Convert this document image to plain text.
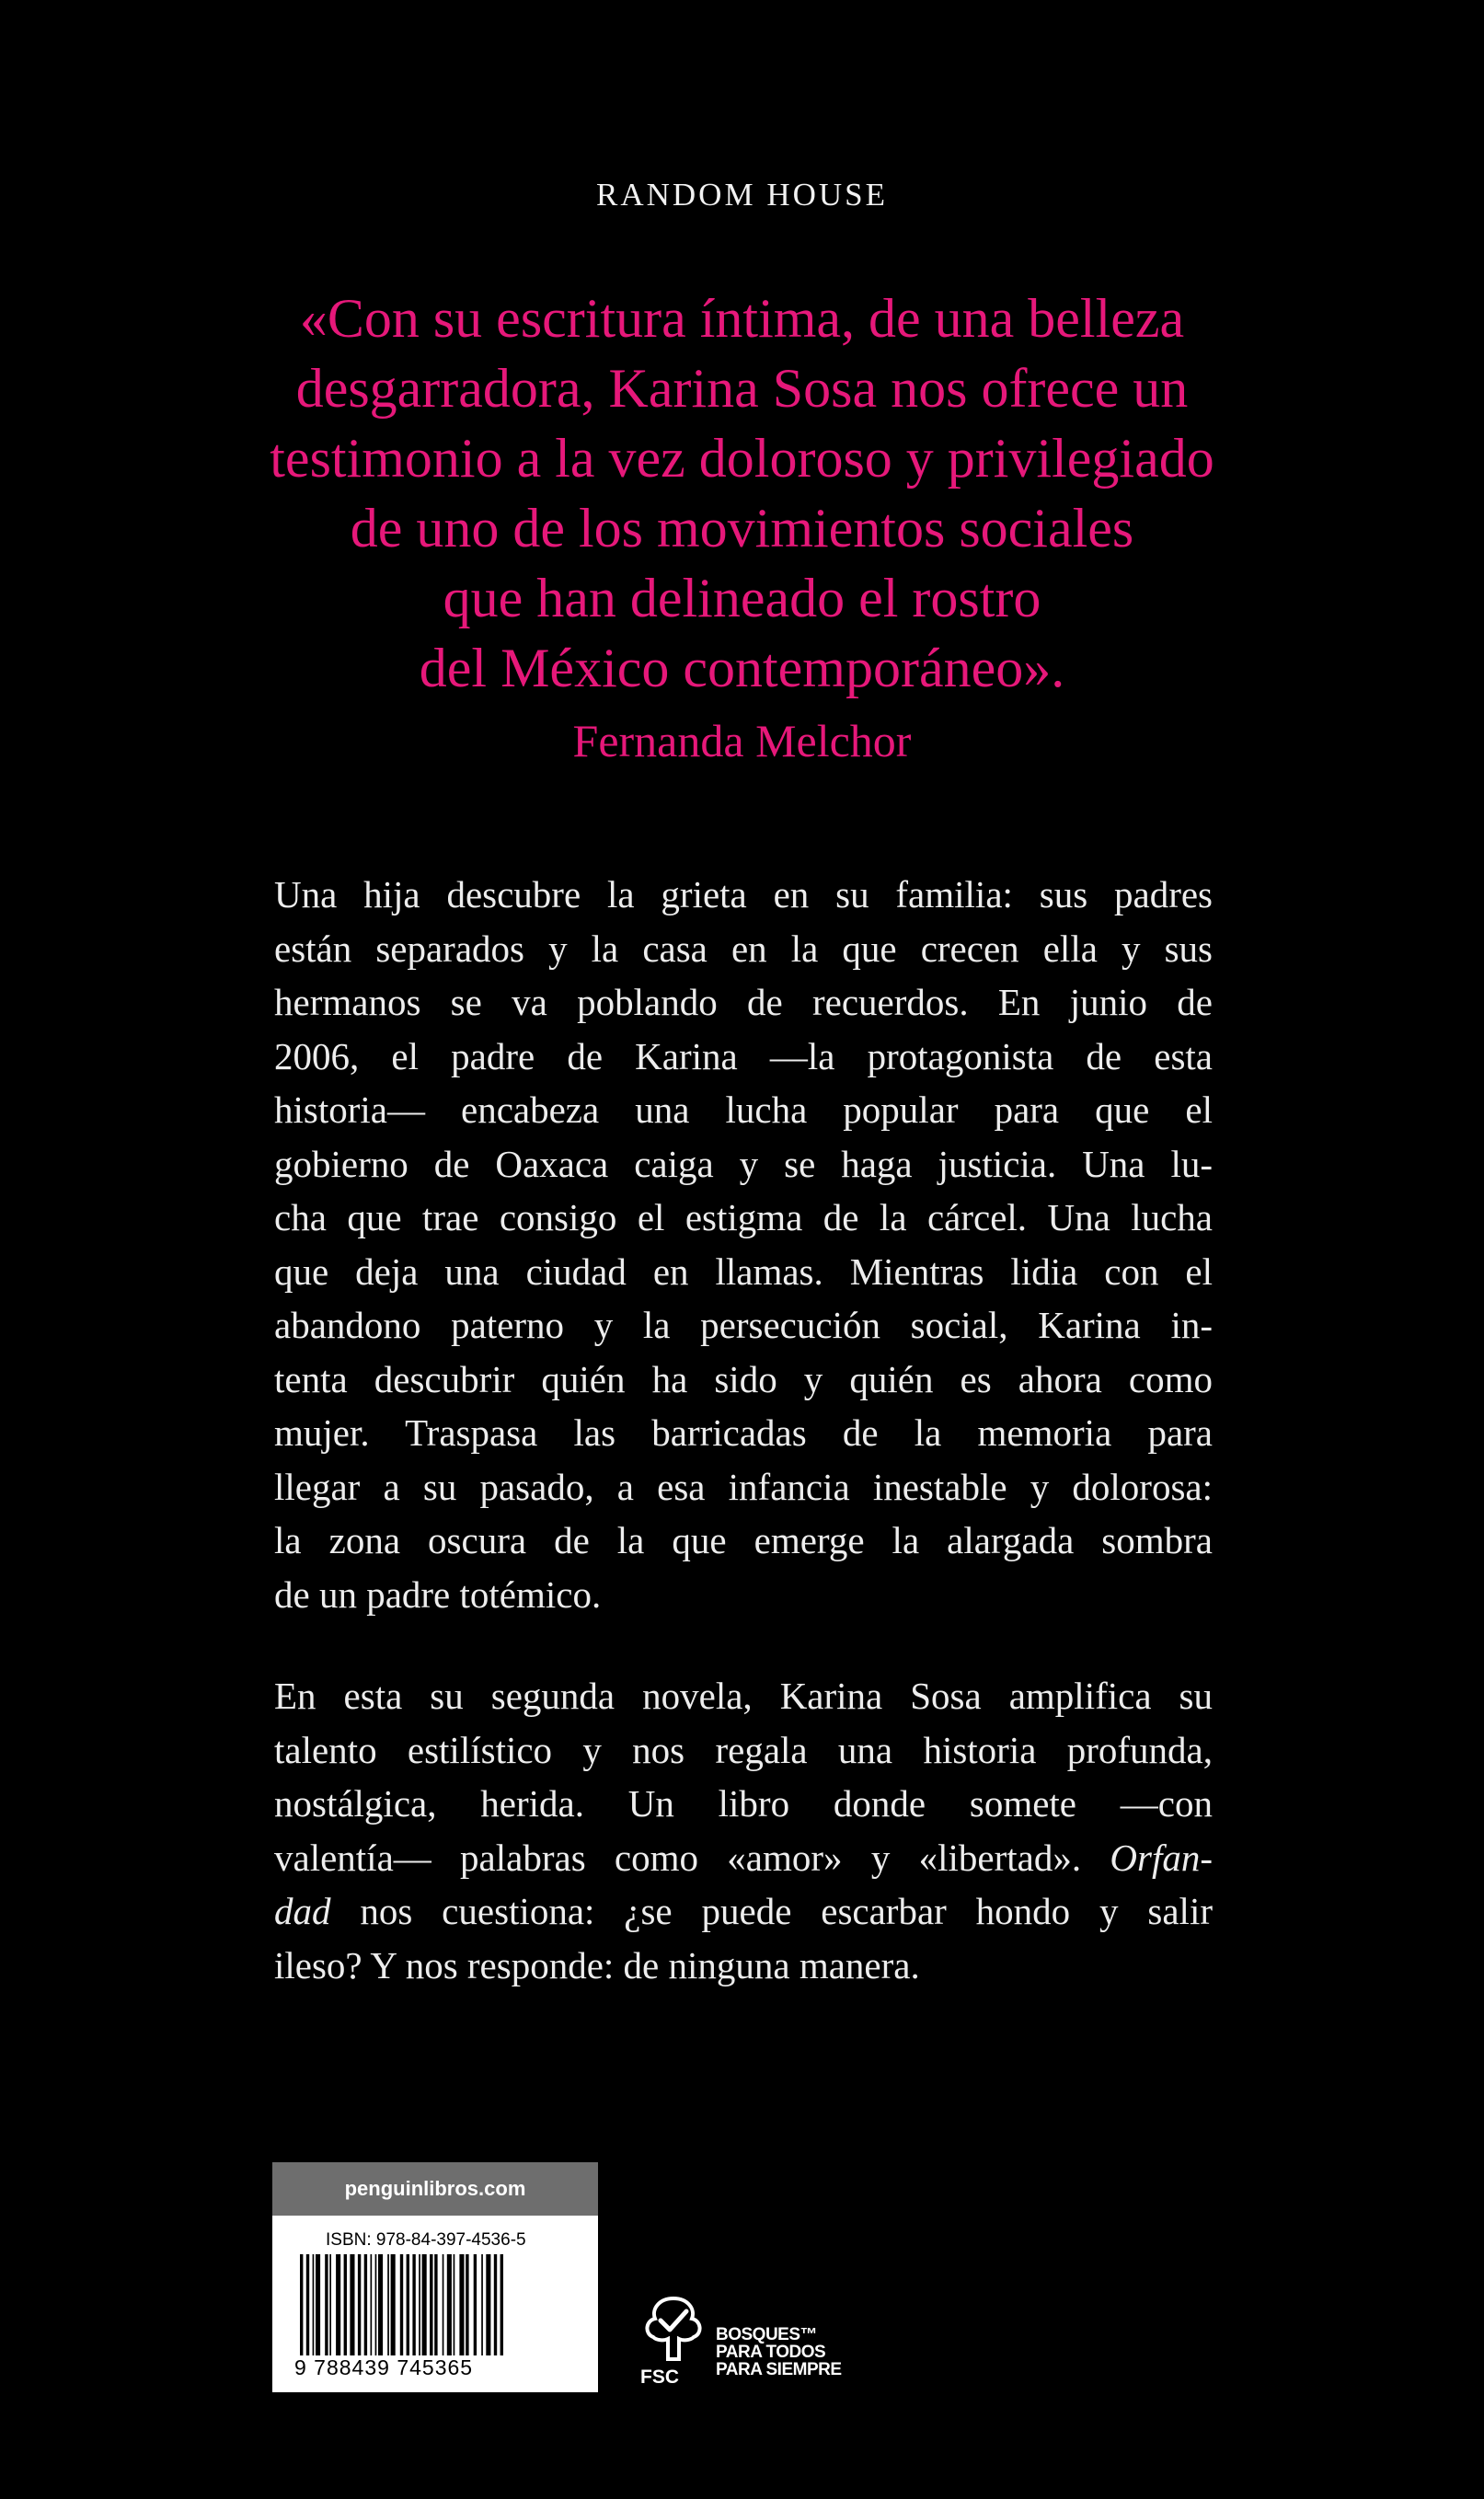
RANDOM HOUSE
«Con su escritura íntima, de una belleza
desgarradora, Karina Sosa nos ofrece un
testimonio a la vez doloroso y privilegiado
de uno de los movimientos sociales
que han delineado el rostro
del México contemporáneo».
Fernanda Melchor
Una hija descubre la grieta en su familia: sus padres
están separados y la casa en la que crecen ella y sus
hermanos se va poblando de recuerdos. En junio de
2006, el padre de Karina —la protagonista de esta
historia— encabeza una lucha popular para que el
gobierno de Oaxaca caiga y se haga justicia. Una lu-
cha que trae consigo el estigma de la cárcel. Una lucha
que deja una ciudad en llamas. Mientras lidia con el
abandono paterno y la persecución social, Karina in-
tenta descubrir quién ha sido y quién es ahora como
mujer. Traspasa las barricadas de la memoria para
llegar a su pasado, a esa infancia inestable y dolorosa:
la zona oscura de la que emerge la alargada sombra
de un padre totémico.
En esta su segunda novela, Karina Sosa amplifica su
talento estilístico y nos regala una historia profunda,
nostálgica, herida. Un libro donde somete —con
valentía— palabras como «amor» y «libertad». Orfan-
dad nos cuestiona: ¿se puede escarbar hondo y salir
ileso? Y nos responde: de ninguna manera.
penguinlibros.com
ISBN: 978-84-397-4536-5
9 788439 745365	FSC
BOSQUES™
PARA TODOS
PARA SIEMPRE
